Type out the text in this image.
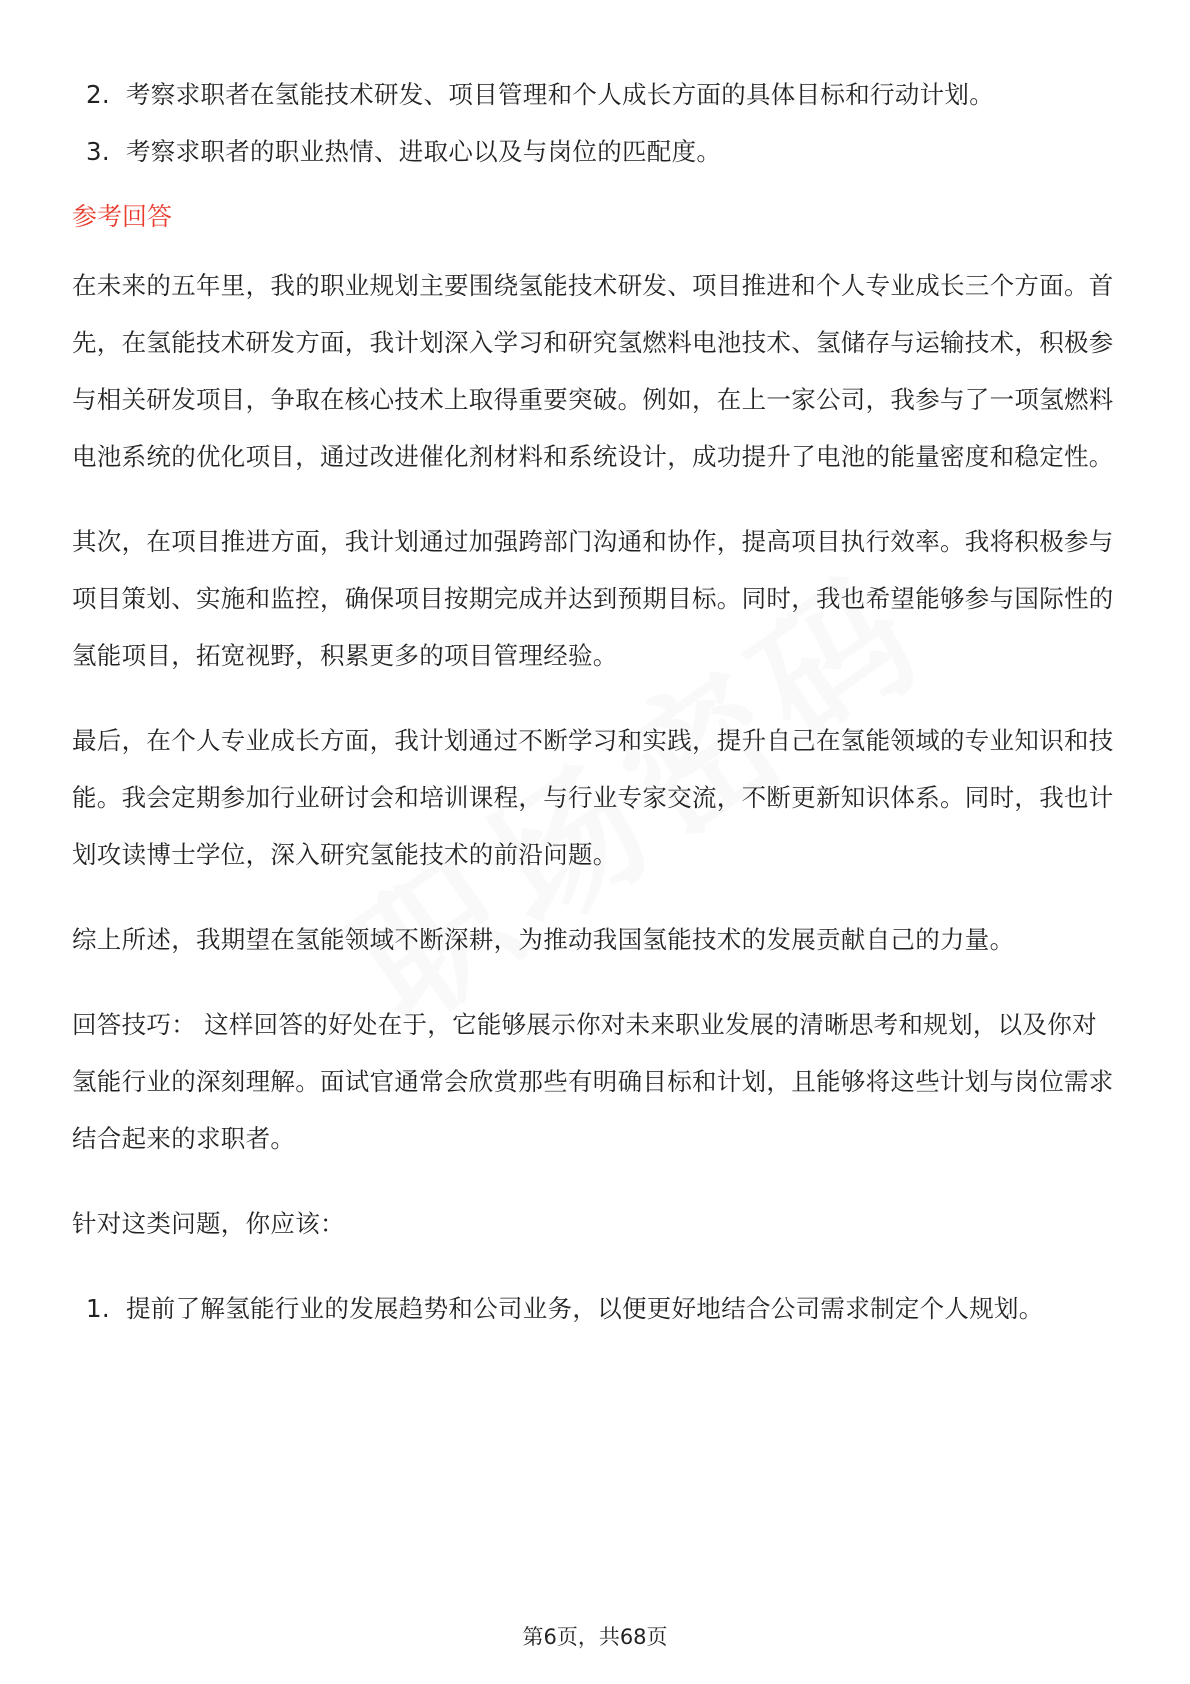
2. 考察求职者在氢能技术研发、项目管理和个人成长方面的具体目标和行动计划。
3. 考察求职者的职业热情、进取心以及与岗位的匹配度。
参考回答

在未来的五年里，我的职业规划主要围绕氢能技术研发、项目推进和个人专业成长三个方面。首先，在氢能技术研发方面，我计划深入学习和研究氢燃料电池技术、氢储存与运输技术，积极参与相关研发项目，争取在核心技术上取得重要突破。例如，在上一家公司，我参与了一项氢燃料电池系统的优化项目，通过改进催化剂材料和系统设计，成功提升了电池的能量密度和稳定性。

其次，在项目推进方面，我计划通过加强跨部门沟通和协作，提高项目执行效率。我将积极参与项目策划、实施和监控，确保项目按期完成并达到预期目标。同时，我也希望能够参与国际性的氢能项目，拓宽视野，积累更多的项目管理经验。

最后，在个人专业成长方面，我计划通过不断学习和实践，提升自己在氢能领域的专业知识和技能。我会定期参加行业研讨会和培训课程，与行业专家交流，不断更新知识体系。同时，我也计划攻读博士学位，深入研究氢能技术的前沿问题。

综上所述，我期望在氢能领域不断深耕，为推动我国氢能技术的发展贡献自己的力量。

回答技巧： 这样回答的好处在于，它能够展示你对未来职业发展的清晰思考和规划，以及你对氢能行业的深刻理解。面试官通常会欣赏那些有明确目标和计划，且能够将这些计划与岗位需求结合起来的求职者。

针对这类问题，你应该：

1. 提前了解氢能行业的发展趋势和公司业务，以便更好地结合公司需求制定个人规划。
第6页，共68页
